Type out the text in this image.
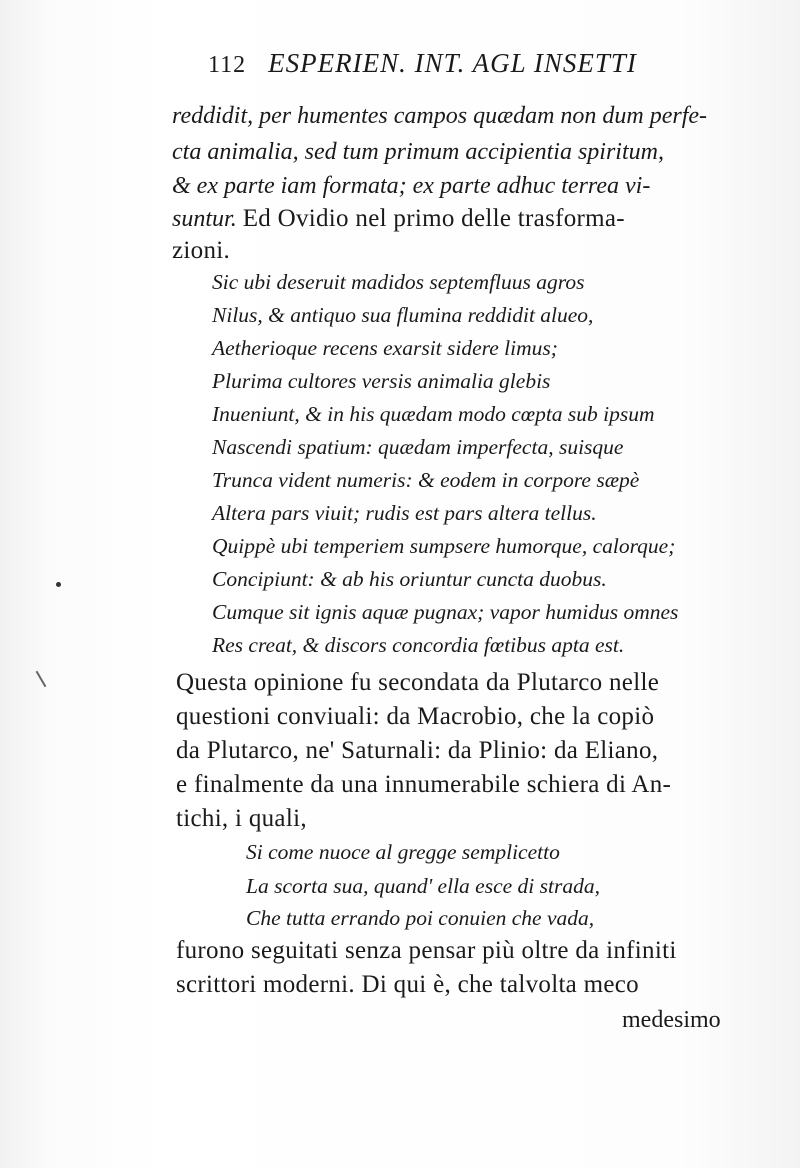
112 ESPERIEN. INT. AGL INSETTI
reddidit, per humentes campos quædam non dum perfe-
cta animalia, sed tum primum accipientia spiritum,
& ex parte iam formata; ex parte adhuc terrea vi-
suntur. Ed Ovidio nel primo delle trasforma-
zioni.
Sic ubi deseruit madidos septemfluus agros
Nilus, & antiquo sua flumina reddidit alueo,
Aetherioque recens exarsit sidere limus;
Plurima cultores versis animalia glebis
Inueniunt, & in his quædam modo cœpta sub ipsum
Nascendi spatium: quædam imperfecta, suisque
Trunca vident numeris: & eodem in corpore sæpè
Altera pars viuit; rudis est pars altera tellus.
Quippè ubi temperiem sumpsere humorque, calorque;
Concipiunt: & ab his oriuntur cuncta duobus.
Cumque sit ignis aquæ pugnax; vapor humidus omnes
Res creat, & discors concordia fœtibus apta est.
Questa opinione fu secondata da Plutarco nelle
questioni conviuali: da Macrobio, che la copiò
da Plutarco, ne' Saturnali: da Plinio: da Eliano,
e finalmente da una innumerabile schiera di An-
tichi, i quali,
Si come nuoce al gregge semplicetto
La scorta sua, quand' ella esce di strada,
Che tutta errando poi conuien che vada,
furono seguitati senza pensar più oltre da infiniti
scrittori moderni. Di qui è, che talvolta meco
medesimo
